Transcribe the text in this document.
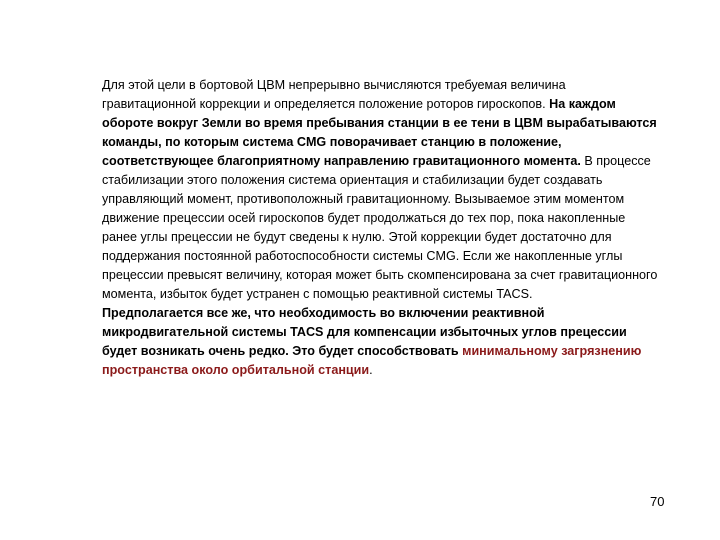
Для этой цели в бортовой ЦВМ непрерывно вычисляются требуемая величина гравитационной коррекции и определяется положение роторов гироскопов. На каждом обороте вокруг Земли во время пребывания станции в ее тени в ЦВМ вырабатываются команды, по которым система CMG поворачивает станцию в положение, соответствующее благоприятному направлению гравитационного момента. В процессе стабилизации этого положения система ориентация и стабилизации будет создавать управляющий момент, противоположный гравитационному. Вызываемое этим моментом движение прецессии осей гироскопов будет продолжаться до тех пор, пока накопленные ранее углы прецессии не будут сведены к нулю. Этой коррекции будет достаточно для поддержания постоянной работоспособности системы CMG. Если же накопленные углы прецессии превысят величину, которая может быть скомпенсирована за счет гравитационного момента, избыток будет устранен с помощью реактивной системы TACS.

Предполагается все же, что необходимость во включении реактивной микродвигательной системы TACS для компенсации избыточных углов прецессии будет возникать очень редко. Это будет способствовать минимальному загрязнению пространства около орбитальной станции.

70
